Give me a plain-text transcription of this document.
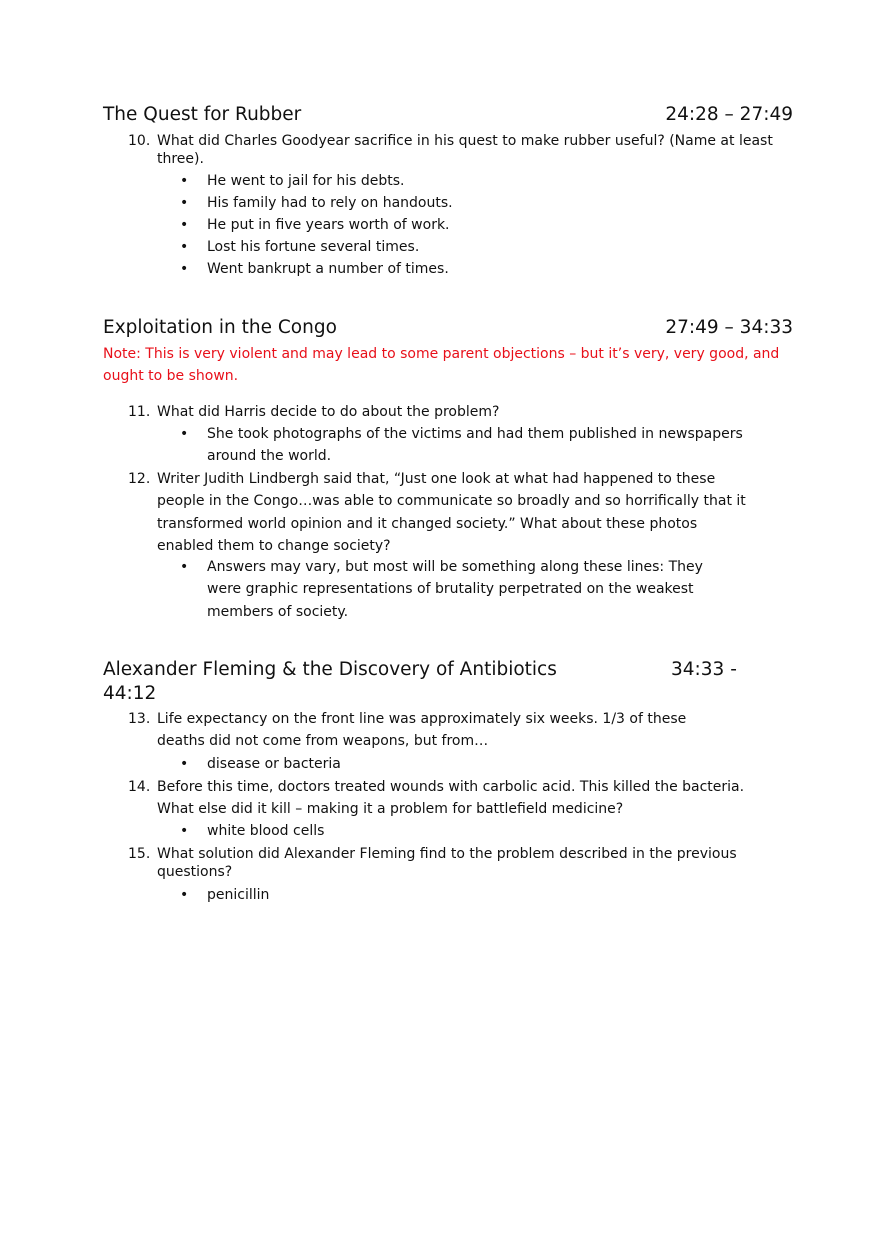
The Quest for Rubber	24:28 – 27:49
10. What did Charles Goodyear sacrifice in his quest to make rubber useful? (Name at least three).
• He went to jail for his debts.
• His family had to rely on handouts.
• He put in five years worth of work.
• Lost his fortune several times.
• Went bankrupt a number of times.
Exploitation in the Congo	27:49 – 34:33
Note: This is very violent and may lead to some parent objections – but it’s very, very good, and ought to be shown.
11. What did Harris decide to do about the problem?
• She took photographs of the victims and had them published in newspapers around the world.
12. Writer Judith Lindbergh said that, “Just one look at what had happened to these people in the Congo…was able to communicate so broadly and so horrifically that it transformed world opinion and it changed society.” What about these photos enabled them to change society?
• Answers may vary, but most will be something along these lines: They were graphic representations of brutality perpetrated on the weakest members of society.
Alexander Fleming & the Discovery of Antibiotics	34:33 -
44:12
13. Life expectancy on the front line was approximately six weeks. 1/3 of these deaths did not come from weapons, but from…
• disease or bacteria
14. Before this time, doctors treated wounds with carbolic acid. This killed the bacteria. What else did it kill – making it a problem for battlefield medicine?
• white blood cells
15. What solution did Alexander Fleming find to the problem described in the previous questions?
• penicillin
